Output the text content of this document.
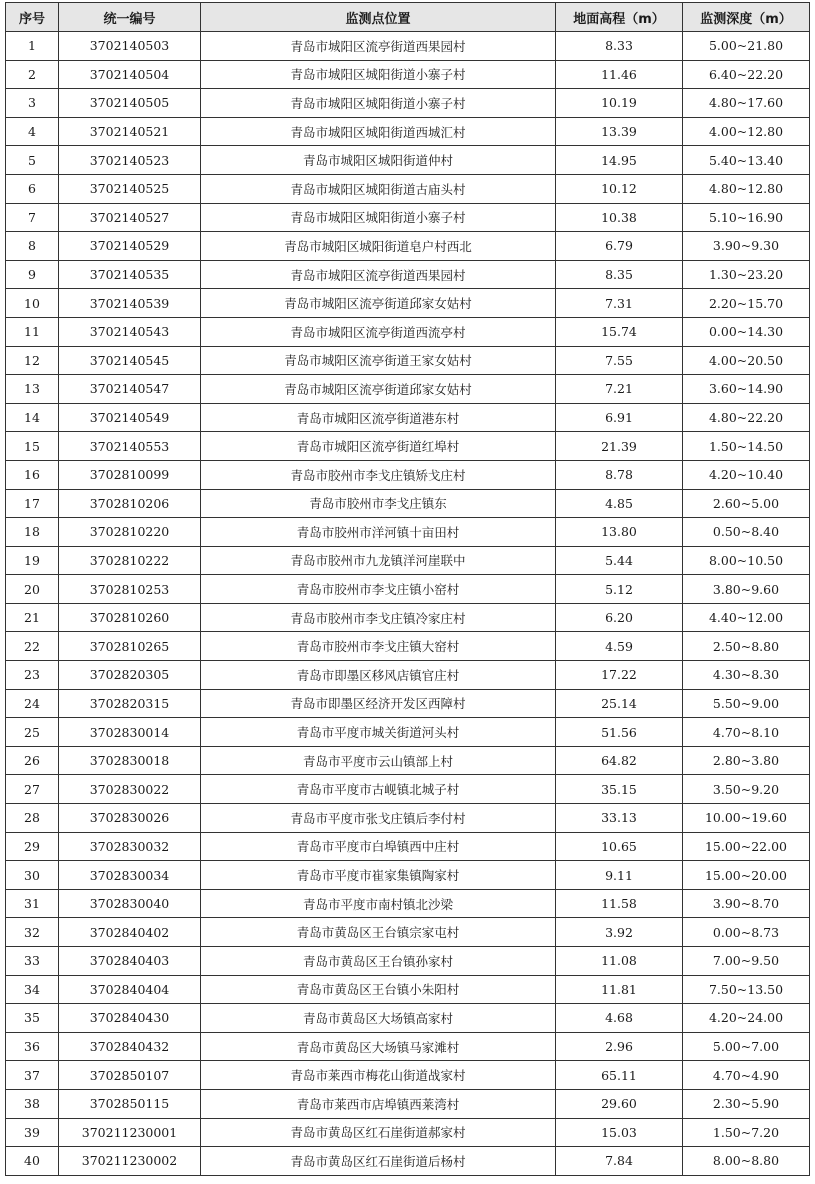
序号	统一编号	监测点位置	地面高程（m）	监测深度（m）
1	3702140503	青岛市城阳区流亭街道西果园村	8.33	5.00~21.80
2	3702140504	青岛市城阳区城阳街道小寨子村	11.46	6.40~22.20
3	3702140505	青岛市城阳区城阳街道小寨子村	10.19	4.80~17.60
4	3702140521	青岛市城阳区城阳街道西城汇村	13.39	4.00~12.80
5	3702140523	青岛市城阳区城阳街道仲村	14.95	5.40~13.40
6	3702140525	青岛市城阳区城阳街道古庙头村	10.12	4.80~12.80
7	3702140527	青岛市城阳区城阳街道小寨子村	10.38	5.10~16.90
8	3702140529	青岛市城阳区城阳街道皂户村西北	6.79	3.90~9.30
9	3702140535	青岛市城阳区流亭街道西果园村	8.35	1.30~23.20
10	3702140539	青岛市城阳区流亭街道邱家女姑村	7.31	2.20~15.70
11	3702140543	青岛市城阳区流亭街道西流亭村	15.74	0.00~14.30
12	3702140545	青岛市城阳区流亭街道王家女姑村	7.55	4.00~20.50
13	3702140547	青岛市城阳区流亭街道邱家女姑村	7.21	3.60~14.90
14	3702140549	青岛市城阳区流亭街道港东村	6.91	4.80~22.20
15	3702140553	青岛市城阳区流亭街道红埠村	21.39	1.50~14.50
16	3702810099	青岛市胶州市李戈庄镇矫戈庄村	8.78	4.20~10.40
17	3702810206	青岛市胶州市李戈庄镇东	4.85	2.60~5.00
18	3702810220	青岛市胶州市洋河镇十亩田村	13.80	0.50~8.40
19	3702810222	青岛市胶州市九龙镇洋河崖联中	5.44	8.00~10.50
20	3702810253	青岛市胶州市李戈庄镇小窑村	5.12	3.80~9.60
21	3702810260	青岛市胶州市李戈庄镇冷家庄村	6.20	4.40~12.00
22	3702810265	青岛市胶州市李戈庄镇大窑村	4.59	2.50~8.80
23	3702820305	青岛市即墨区移风店镇官庄村	17.22	4.30~8.30
24	3702820315	青岛市即墨区经济开发区西障村	25.14	5.50~9.00
25	3702830014	青岛市平度市城关街道河头村	51.56	4.70~8.10
26	3702830018	青岛市平度市云山镇部上村	64.82	2.80~3.80
27	3702830022	青岛市平度市古岘镇北城子村	35.15	3.50~9.20
28	3702830026	青岛市平度市张戈庄镇后李付村	33.13	10.00~19.60
29	3702830032	青岛市平度市白埠镇西中庄村	10.65	15.00~22.00
30	3702830034	青岛市平度市崔家集镇陶家村	9.11	15.00~20.00
31	3702830040	青岛市平度市南村镇北沙梁	11.58	3.90~8.70
32	3702840402	青岛市黄岛区王台镇宗家屯村	3.92	0.00~8.73
33	3702840403	青岛市黄岛区王台镇孙家村	11.08	7.00~9.50
34	3702840404	青岛市黄岛区王台镇小朱阳村	11.81	7.50~13.50
35	3702840430	青岛市黄岛区大场镇高家村	4.68	4.20~24.00
36	3702840432	青岛市黄岛区大场镇马家滩村	2.96	5.00~7.00
37	3702850107	青岛市莱西市梅花山街道战家村	65.11	4.70~4.90
38	3702850115	青岛市莱西市店埠镇西莱湾村	29.60	2.30~5.90
39	370211230001	青岛市黄岛区红石崖街道郝家村	15.03	1.50~7.20
40	370211230002	青岛市黄岛区红石崖街道后杨村	7.84	8.00~8.80
